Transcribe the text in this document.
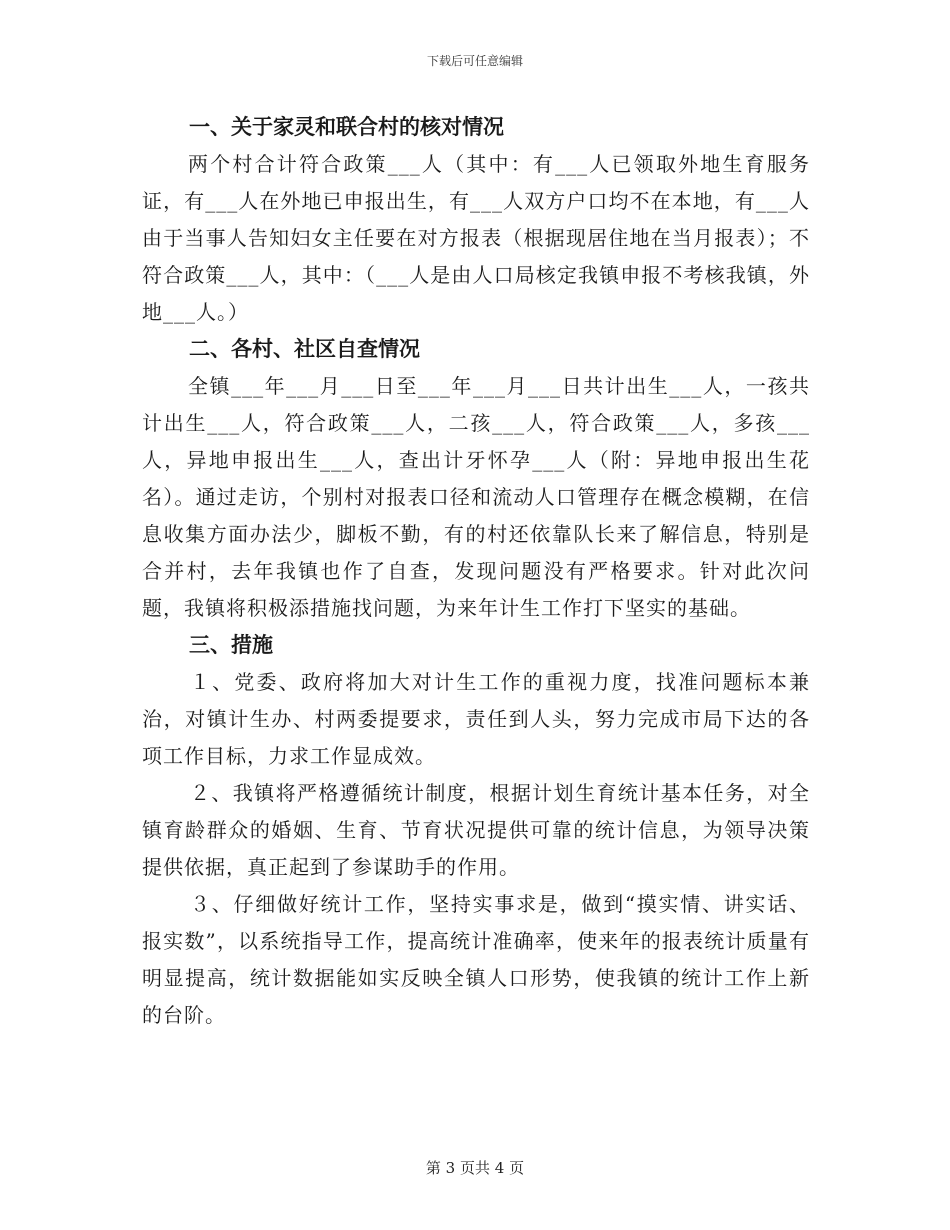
下载后可任意编辑
一、关于家灵和联合村的核对情况

两个村合计符合政策___人（其中：有___人已领取外地生育服务证，有___人在外地已申报出生，有___人双方户口均不在本地，有___人由于当事人告知妇女主任要在对方报表（根据现居住地在当月报表）；不符合政策___人，其中：（___人是由人口局核定我镇申报不考核我镇，外地___人。）

二、各村、社区自查情况

全镇___年___月___日至___年___月___日共计出生___人，一孩共计出生___人，符合政策___人，二孩___人，符合政策___人，多孩___人，异地申报出生___人，查出计牙怀孕___人（附：异地申报出生花名）。通过走访，个别村对报表口径和流动人口管理存在概念模糊，在信息收集方面办法少，脚板不勤，有的村还依靠队长来了解信息，特别是合并村，去年我镇也作了自查，发现问题没有严格要求。针对此次问题，我镇将积极添措施找问题，为来年计生工作打下坚实的基础。

三、措施

１、党委、政府将加大对计生工作的重视力度，找准问题标本兼治，对镇计生办、村两委提要求，责任到人头，努力完成市局下达的各项工作目标，力求工作显成效。

２、我镇将严格遵循统计制度，根据计划生育统计基本任务，对全镇育龄群众的婚姻、生育、节育状况提供可靠的统计信息，为领导决策提供依据，真正起到了参谋助手的作用。

３、仔细做好统计工作，坚持实事求是，做到“摸实情、讲实话、报实数”，以系统指导工作，提高统计准确率，使来年的报表统计质量有明显提高，统计数据能如实反映全镇人口形势，使我镇的统计工作上新的台阶。

第 3 页共 4 页
